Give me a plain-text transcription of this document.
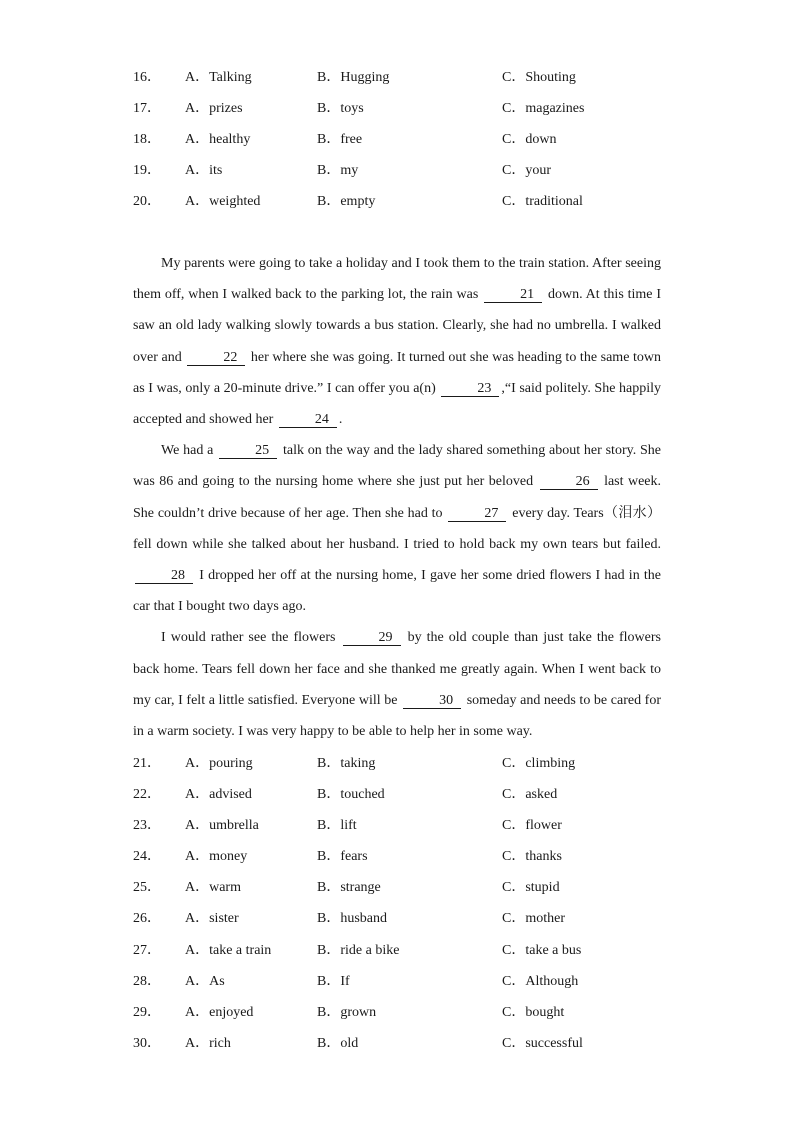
16． A．Talking	B．Hugging	C．Shouting
17． A．prizes	B．toys	C．magazines
18． A．healthy	B．free	C．down
19． A．its	B．my	C．your
20． A．weighted	B．empty	C．traditional

My parents were going to take a holiday and I took them to the train station. After seeing them off, when I walked back to the parking lot, the rain was	21 down. At this time I saw an old lady walking slowly towards a bus station. Clearly, she had no umbrella. I walked over and	22 her where she was going. It turned out she was heading to the same town as I was, only a 20-minute drive.” I can offer you a(n)	23 ,“I said politely. She happily accepted and showed her	24 .

We had a	25 talk on the way and the lady shared something about her story. She was 86 and going to the nursing home where she just put her beloved	26 last week. She couldn’t drive because of her age. Then she had to	27 every day. Tears（泪水）fell down while she talked about her husband. I tried to hold back my own tears but failed. 28 I dropped her off at the nursing home, I gave her some dried flowers I had in the car that I bought two days ago.

I would rather see the flowers	29 by the old couple than just take the flowers back home. Tears fell down her face and she thanked me greatly again. When I went back to my car, I felt a little satisfied. Everyone will be	30 someday and needs to be cared for in a warm society. I was very happy to be able to help her in some way.

21． A．pouring	B．taking	C．climbing
22． A．advised	B．touched	C．asked
23． A．umbrella	B．lift	C．flower
24． A．money	B．fears	C．thanks
25． A．warm	B．strange	C．stupid
26． A．sister	B．husband	C．mother
27． A．take a train	B．ride a bike	C．take a bus
28． A．As	B．If	C．Although
29． A．enjoyed	B．grown	C．bought
30． A．rich	B．old	C．successful
